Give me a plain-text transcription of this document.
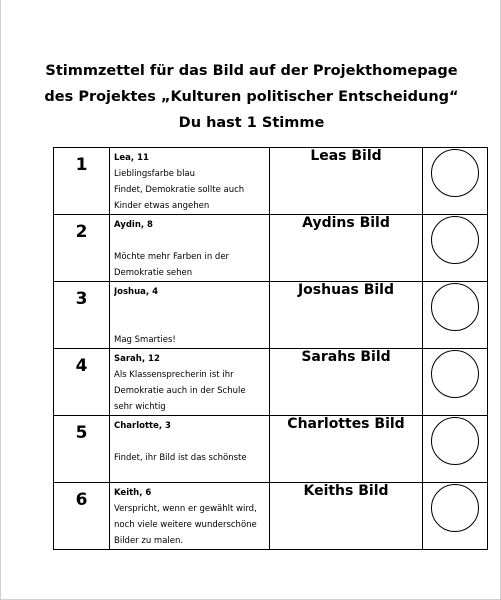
Stimmzettel für das Bild auf der Projekthomepage
des Projektes „Kulturen politischer Entscheidung“
Du hast 1 Stimme
1	Lea, 11
Lieblingsfarbe blau
Findet, Demokratie sollte auch
Kinder etwas angehen	Leas Bild	
2	Aydin, 8
Möchte mehr Farben in der
Demokratie sehen	Aydins Bild	
3	Joshua, 4
Mag Smarties!	Joshuas Bild	
4	Sarah, 12
Als Klassensprecherin ist ihr
Demokratie auch in der Schule
sehr wichtig	Sarahs Bild	
5	Charlotte, 3
Findet, ihr Bild ist das schönste	Charlottes Bild	
6	Keith, 6
Verspricht, wenn er gewählt wird,
noch viele weitere wunderschöne
Bilder zu malen.	Keiths Bild	
